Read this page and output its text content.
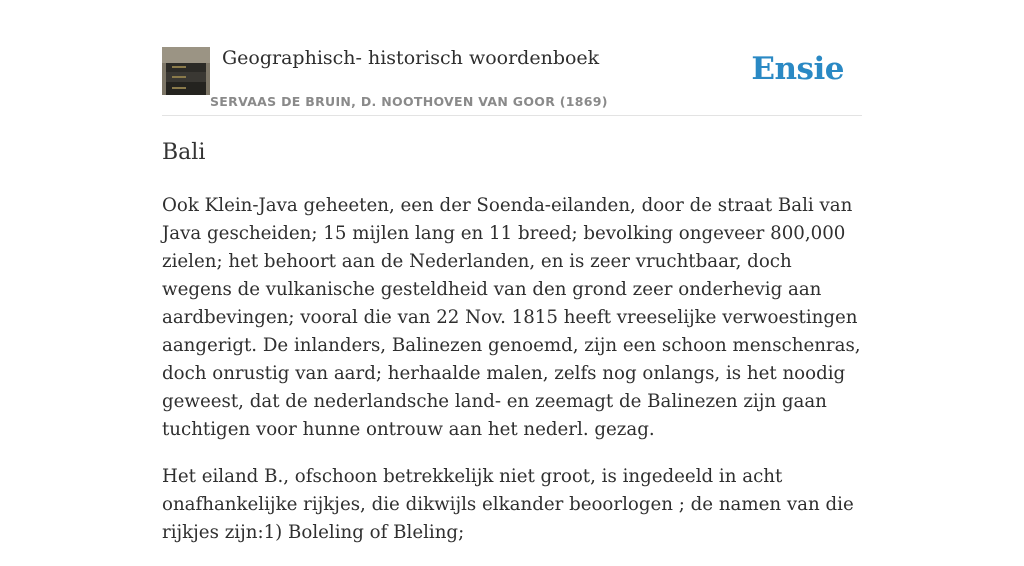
Geographisch- historisch woordenboek
SERVAAS DE BRUIN, D. NOOTHOVEN VAN GOOR (1869)
Ensie
Bali

Ook Klein-Java geheeten, een der Soenda-eilanden, door de straat Bali van Java gescheiden; 15 mijlen lang en 11 breed; bevolking ongeveer 800,000 zielen; het behoort aan de Nederlanden, en is zeer vruchtbaar, doch wegens de vulkanische gesteldheid van den grond zeer onderhevig aan aardbevingen; vooral die van 22 Nov. 1815 heeft vreeselijke verwoestingen aangerigt. De inlanders, Balinezen genoemd, zijn een schoon menschenras, doch onrustig van aard; herhaalde malen, zelfs nog onlangs, is het noodig geweest, dat de nederlandsche land- en zeemagt de Balinezen zijn gaan tuchtigen voor hunne ontrouw aan het nederl. gezag.

Het eiland B., ofschoon betrekkelijk niet groot, is ingedeeld in acht onafhankelijke rijkjes, die dikwijls elkander beoorlogen ; de namen van die rijkjes zijn:1) Boleling of Bleling;
